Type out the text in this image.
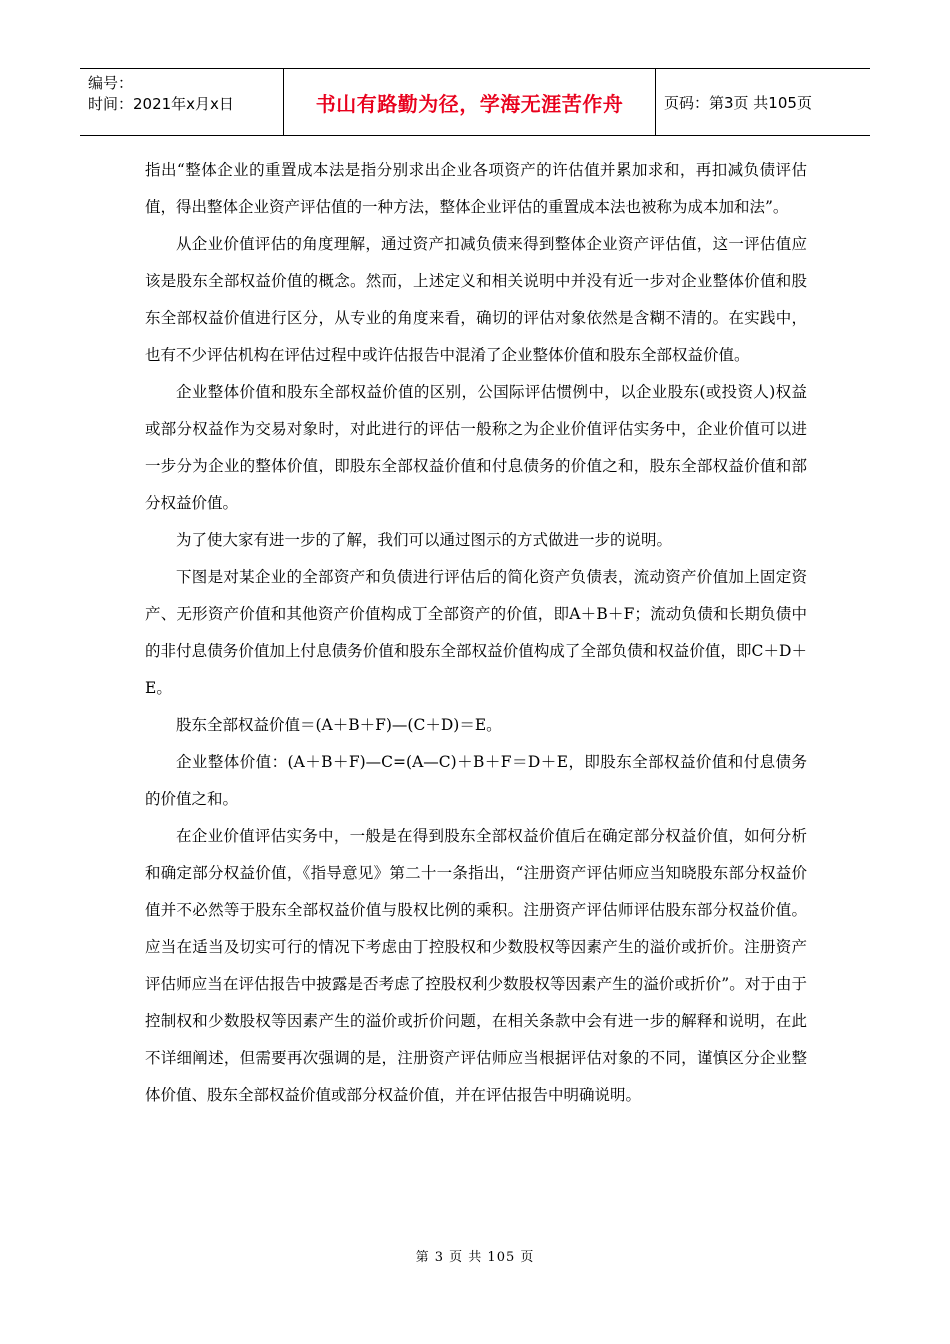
编号：
时间：2021年x月x日	书山有路勤为径，学海无涯苦作舟	页码：第3页 共105页

指出“整体企业的重置成本法是指分别求出企业各项资产的许估值并累加求和，再扣减负债评估值，得出整体企业资产评估值的一种方法，整体企业评估的重置成本法也被称为成本加和法”。

从企业价值评估的角度理解，通过资产扣减负债来得到整体企业资产评估值，这一评估值应该是股东全部权益价值的概念。然而，上述定义和相关说明中并没有近一步对企业整体价值和股东全部权益价值进行区分，从专业的角度来看，确切的评估对象依然是含糊不清的。在实践中，也有不少评估机构在评估过程中或许估报告中混淆了企业整体价值和股东全部权益价值。

企业整体价值和股东全部权益价值的区别，公国际评估惯例中，以企业股东(或投资人)权益或部分权益作为交易对象时，对此进行的评估一般称之为企业价值评估实务中，企业价值可以进一步分为企业的整体价值，即股东全部权益价值和付息债务的价值之和，股东全部权益价值和部分权益价值。

为了使大家有进一步的了解，我们可以通过图示的方式做进一步的说明。

下图是对某企业的全部资产和负债进行评估后的简化资产负债表，流动资产价值加上固定资产、无形资产价值和其他资产价值构成丁全部资产的价值，即A＋B＋F；流动负债和长期负债中的非付息债务价值加上付息债务价值和股东全部权益价值构成了全部负债和权益价值，即C＋D＋E。

股东全部权益价值＝(A＋B＋F)—(C＋D)＝E。

企业整体价值：(A＋B＋F)—C=(A—C)＋B＋F＝D＋E，即股东全部权益价值和付息债务的价值之和。

在企业价值评估实务中，一般是在得到股东全部权益价值后在确定部分权益价值，如何分析和确定部分权益价值，《指导意见》第二十一条指出，“注册资产评估师应当知晓股东部分权益价值并不必然等于股东全部权益价值与股权比例的乘积。注册资产评估师评估股东部分权益价值。应当在适当及切实可行的情况下考虑由丁控股权和少数股权等因素产生的溢价或折价。注册资产评估师应当在评估报告中披露是否考虑了控股权利少数股权等因素产生的溢价或折价”。对于由于控制权和少数股权等因素产生的溢价或折价问题，在相关条款中会有进一步的解释和说明，在此不详细阐述，但需要再次强调的是，注册资产评估师应当根据评估对象的不同，谨慎区分企业整体价值、股东全部权益价值或部分权益价值，并在评估报告中明确说明。

第 3 页 共 105 页
